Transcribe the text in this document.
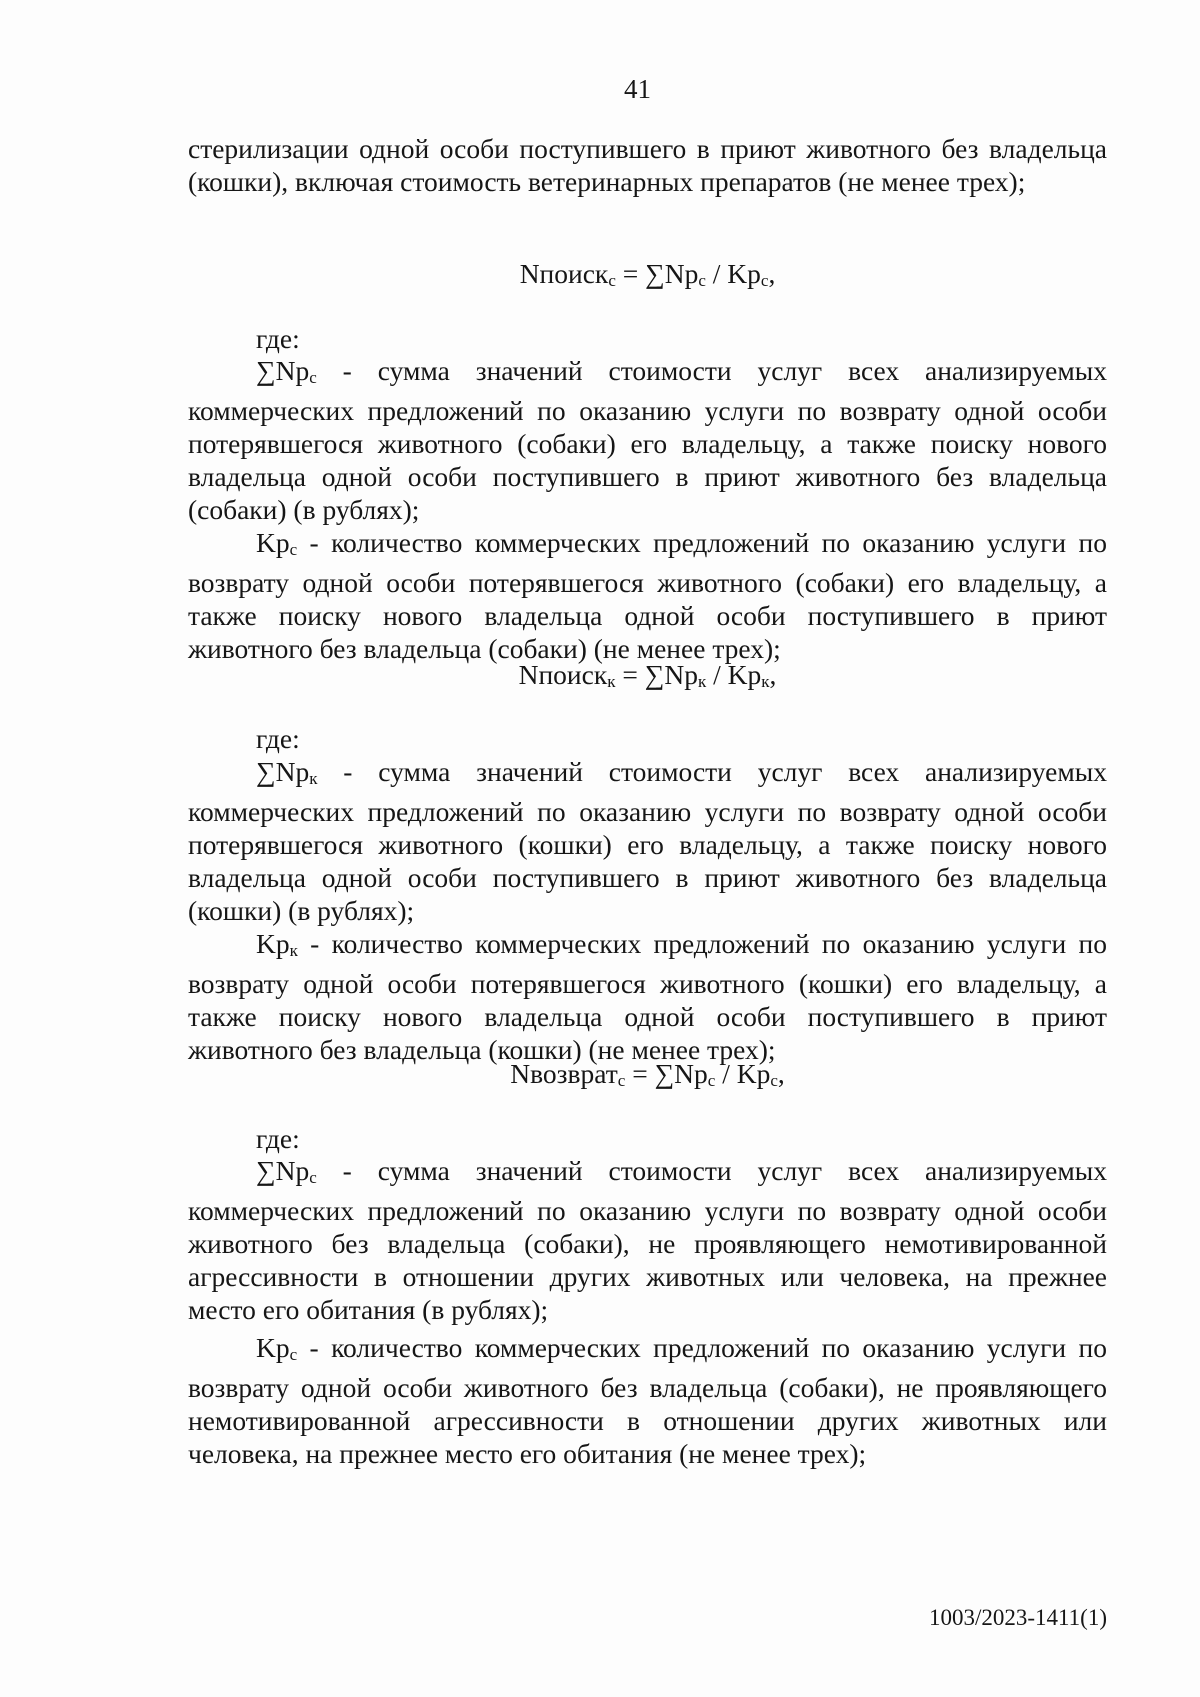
41

стерилизации одной особи поступившего в приют животного без владельца (кошки), включая стоимость ветеринарных препаратов (не менее трех);

Nпоискс = ∑Npс / Kpс,
где:

∑Npс - сумма значений стоимости услуг всех анализируемых коммерческих предложений по оказанию услуги по возврату одной особи потерявшегося животного (собаки) его владельцу, а также поиску нового владельца одной особи поступившего в приют животного без владельца (собаки) (в рублях);

Kpс - количество коммерческих предложений по оказанию услуги по возврату одной особи потерявшегося животного (собаки) его владельцу, а также поиску нового владельца одной особи поступившего в приют животного без владельца (собаки) (не менее трех);

Nпоискк = ∑Npк / Kpк,
где:

∑Npк - сумма значений стоимости услуг всех анализируемых коммерческих предложений по оказанию услуги по возврату одной особи потерявшегося животного (кошки) его владельцу, а также поиску нового владельца одной особи поступившего в приют животного без владельца (кошки) (в рублях);

Kpк - количество коммерческих предложений по оказанию услуги по возврату одной особи потерявшегося животного (кошки) его владельцу, а также поиску нового владельца одной особи поступившего в приют животного без владельца (кошки) (не менее трех);

Nвозвратс = ∑Npс / Kpс,
где:

∑Npс - сумма значений стоимости услуг всех анализируемых коммерческих предложений по оказанию услуги по возврату одной особи животного без владельца (собаки), не проявляющего немотивированной агрессивности в отношении других животных или человека, на прежнее место его обитания (в рублях);

Kpс - количество коммерческих предложений по оказанию услуги по возврату одной особи животного без владельца (собаки), не проявляющего немотивированной агрессивности в отношении других животных или человека, на прежнее место его обитания (не менее трех);

1003/2023-1411(1)
